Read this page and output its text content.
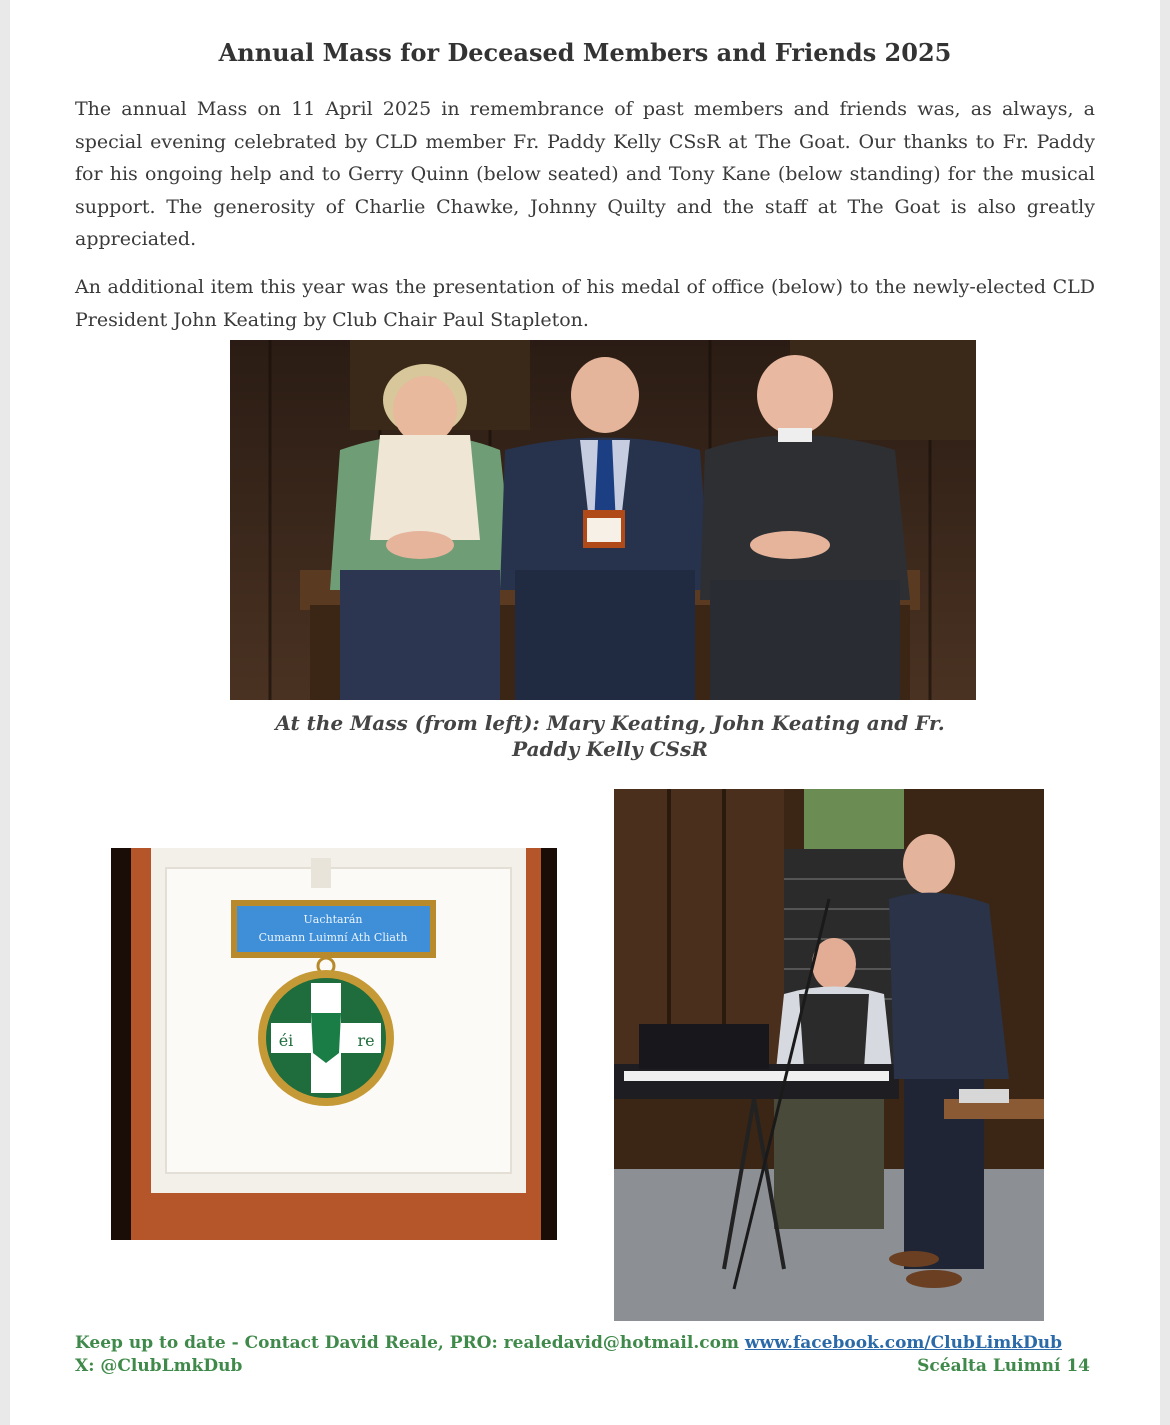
Annual Mass for Deceased Members and Friends 2025

The annual Mass on 11 April 2025 in remembrance of past members and friends was, as always, a special evening celebrated by CLD member Fr. Paddy Kelly CSsR at The Goat. Our thanks to Fr. Paddy for his ongoing help and to Gerry Quinn (below seated) and Tony Kane (below standing) for the musical support. The generosity of Charlie Chawke, Johnny Quilty and the staff at The Goat is also greatly appreciated.

An additional item this year was the presentation of his medal of office (below) to the newly-elected CLD President John Keating by Club Chair Paul Stapleton.

At the Mass (from left): Mary Keating, John Keating and Fr.
Paddy Kelly CSsR
Uachtarán
Cumann Luimní Ath Cliath
éi	re
Keep up to date - Contact David Reale, PRO: realedavid@hotmail.com www.facebook.com/ClubLimkDub
X: @ClubLmkDub	Scéalta Luimní 14
